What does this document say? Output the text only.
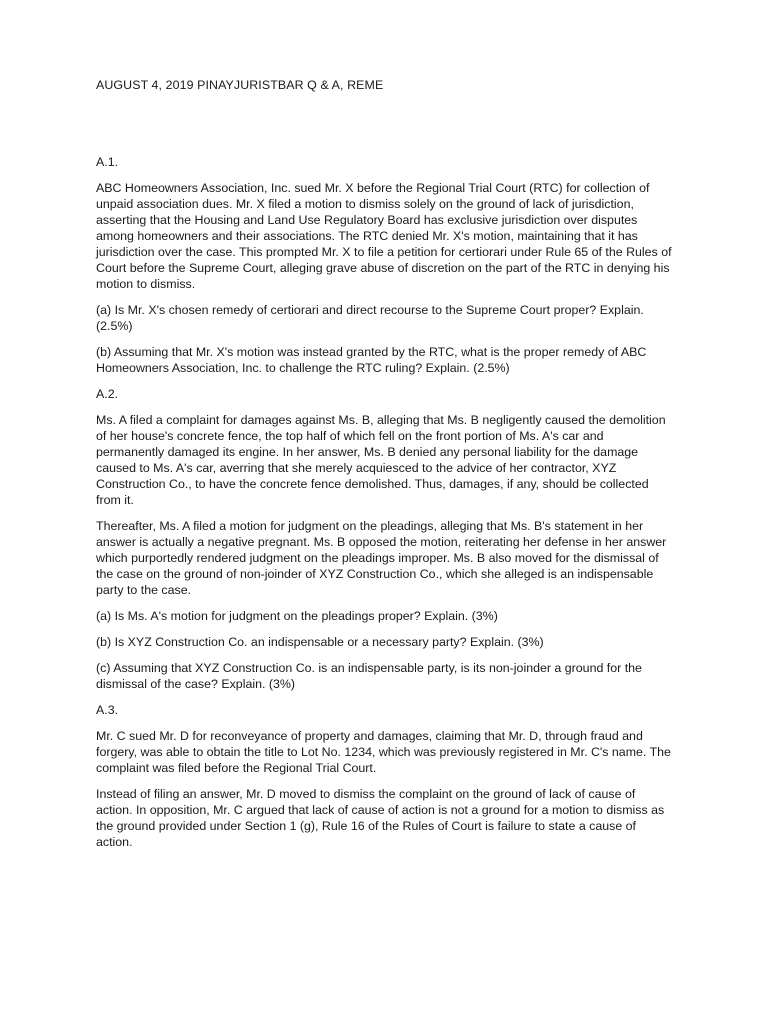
AUGUST 4, 2019 PINAYJURISTBAR Q & A, REME
A.1.

ABC Homeowners Association, Inc. sued Mr. X before the Regional Trial Court (RTC) for collection of unpaid association dues. Mr. X filed a motion to dismiss solely on the ground of lack of jurisdiction, asserting that the Housing and Land Use Regulatory Board has exclusive jurisdiction over disputes among homeowners and their associations. The RTC denied Mr. X's motion, maintaining that it has jurisdiction over the case. This prompted Mr. X to file a petition for certiorari under Rule 65 of the Rules of Court before the Supreme Court, alleging grave abuse of discretion on the part of the RTC in denying his motion to dismiss.

(a) Is Mr. X's chosen remedy of certiorari and direct recourse to the Supreme Court proper? Explain. (2.5%)

(b) Assuming that Mr. X's motion was instead granted by the RTC, what is the proper remedy of ABC Homeowners Association, Inc. to challenge the RTC ruling? Explain. (2.5%)

A.2.

Ms. A filed a complaint for damages against Ms. B, alleging that Ms. B negligently caused the demolition of her house's concrete fence, the top half of which fell on the front portion of Ms. A's car and permanently damaged its engine. In her answer, Ms. B denied any personal liability for the damage caused to Ms. A's car, averring that she merely acquiesced to the advice of her contractor, XYZ Construction Co., to have the concrete fence demolished. Thus, damages, if any, should be collected from it.

Thereafter, Ms. A filed a motion for judgment on the pleadings, alleging that Ms. B's statement in her answer is actually a negative pregnant. Ms. B opposed the motion, reiterating her defense in her answer which purportedly rendered judgment on the pleadings improper. Ms. B also moved for the dismissal of the case on the ground of non-joinder of XYZ Construction Co., which she alleged is an indispensable party to the case.

(a) Is Ms. A's motion for judgment on the pleadings proper? Explain. (3%)

(b) Is XYZ Construction Co. an indispensable or a necessary party? Explain. (3%)

(c) Assuming that XYZ Construction Co. is an indispensable party, is its non-joinder a ground for the dismissal of the case? Explain. (3%)

A.3.

Mr. C sued Mr. D for reconveyance of property and damages, claiming that Mr. D, through fraud and forgery, was able to obtain the title to Lot No. 1234, which was previously registered in Mr. C's name. The complaint was filed before the Regional Trial Court.

Instead of filing an answer, Mr. D moved to dismiss the complaint on the ground of lack of cause of action. In opposition, Mr. C argued that lack of cause of action is not a ground for a motion to dismiss as the ground provided under Section 1 (g), Rule 16 of the Rules of Court is failure to state a cause of action.
